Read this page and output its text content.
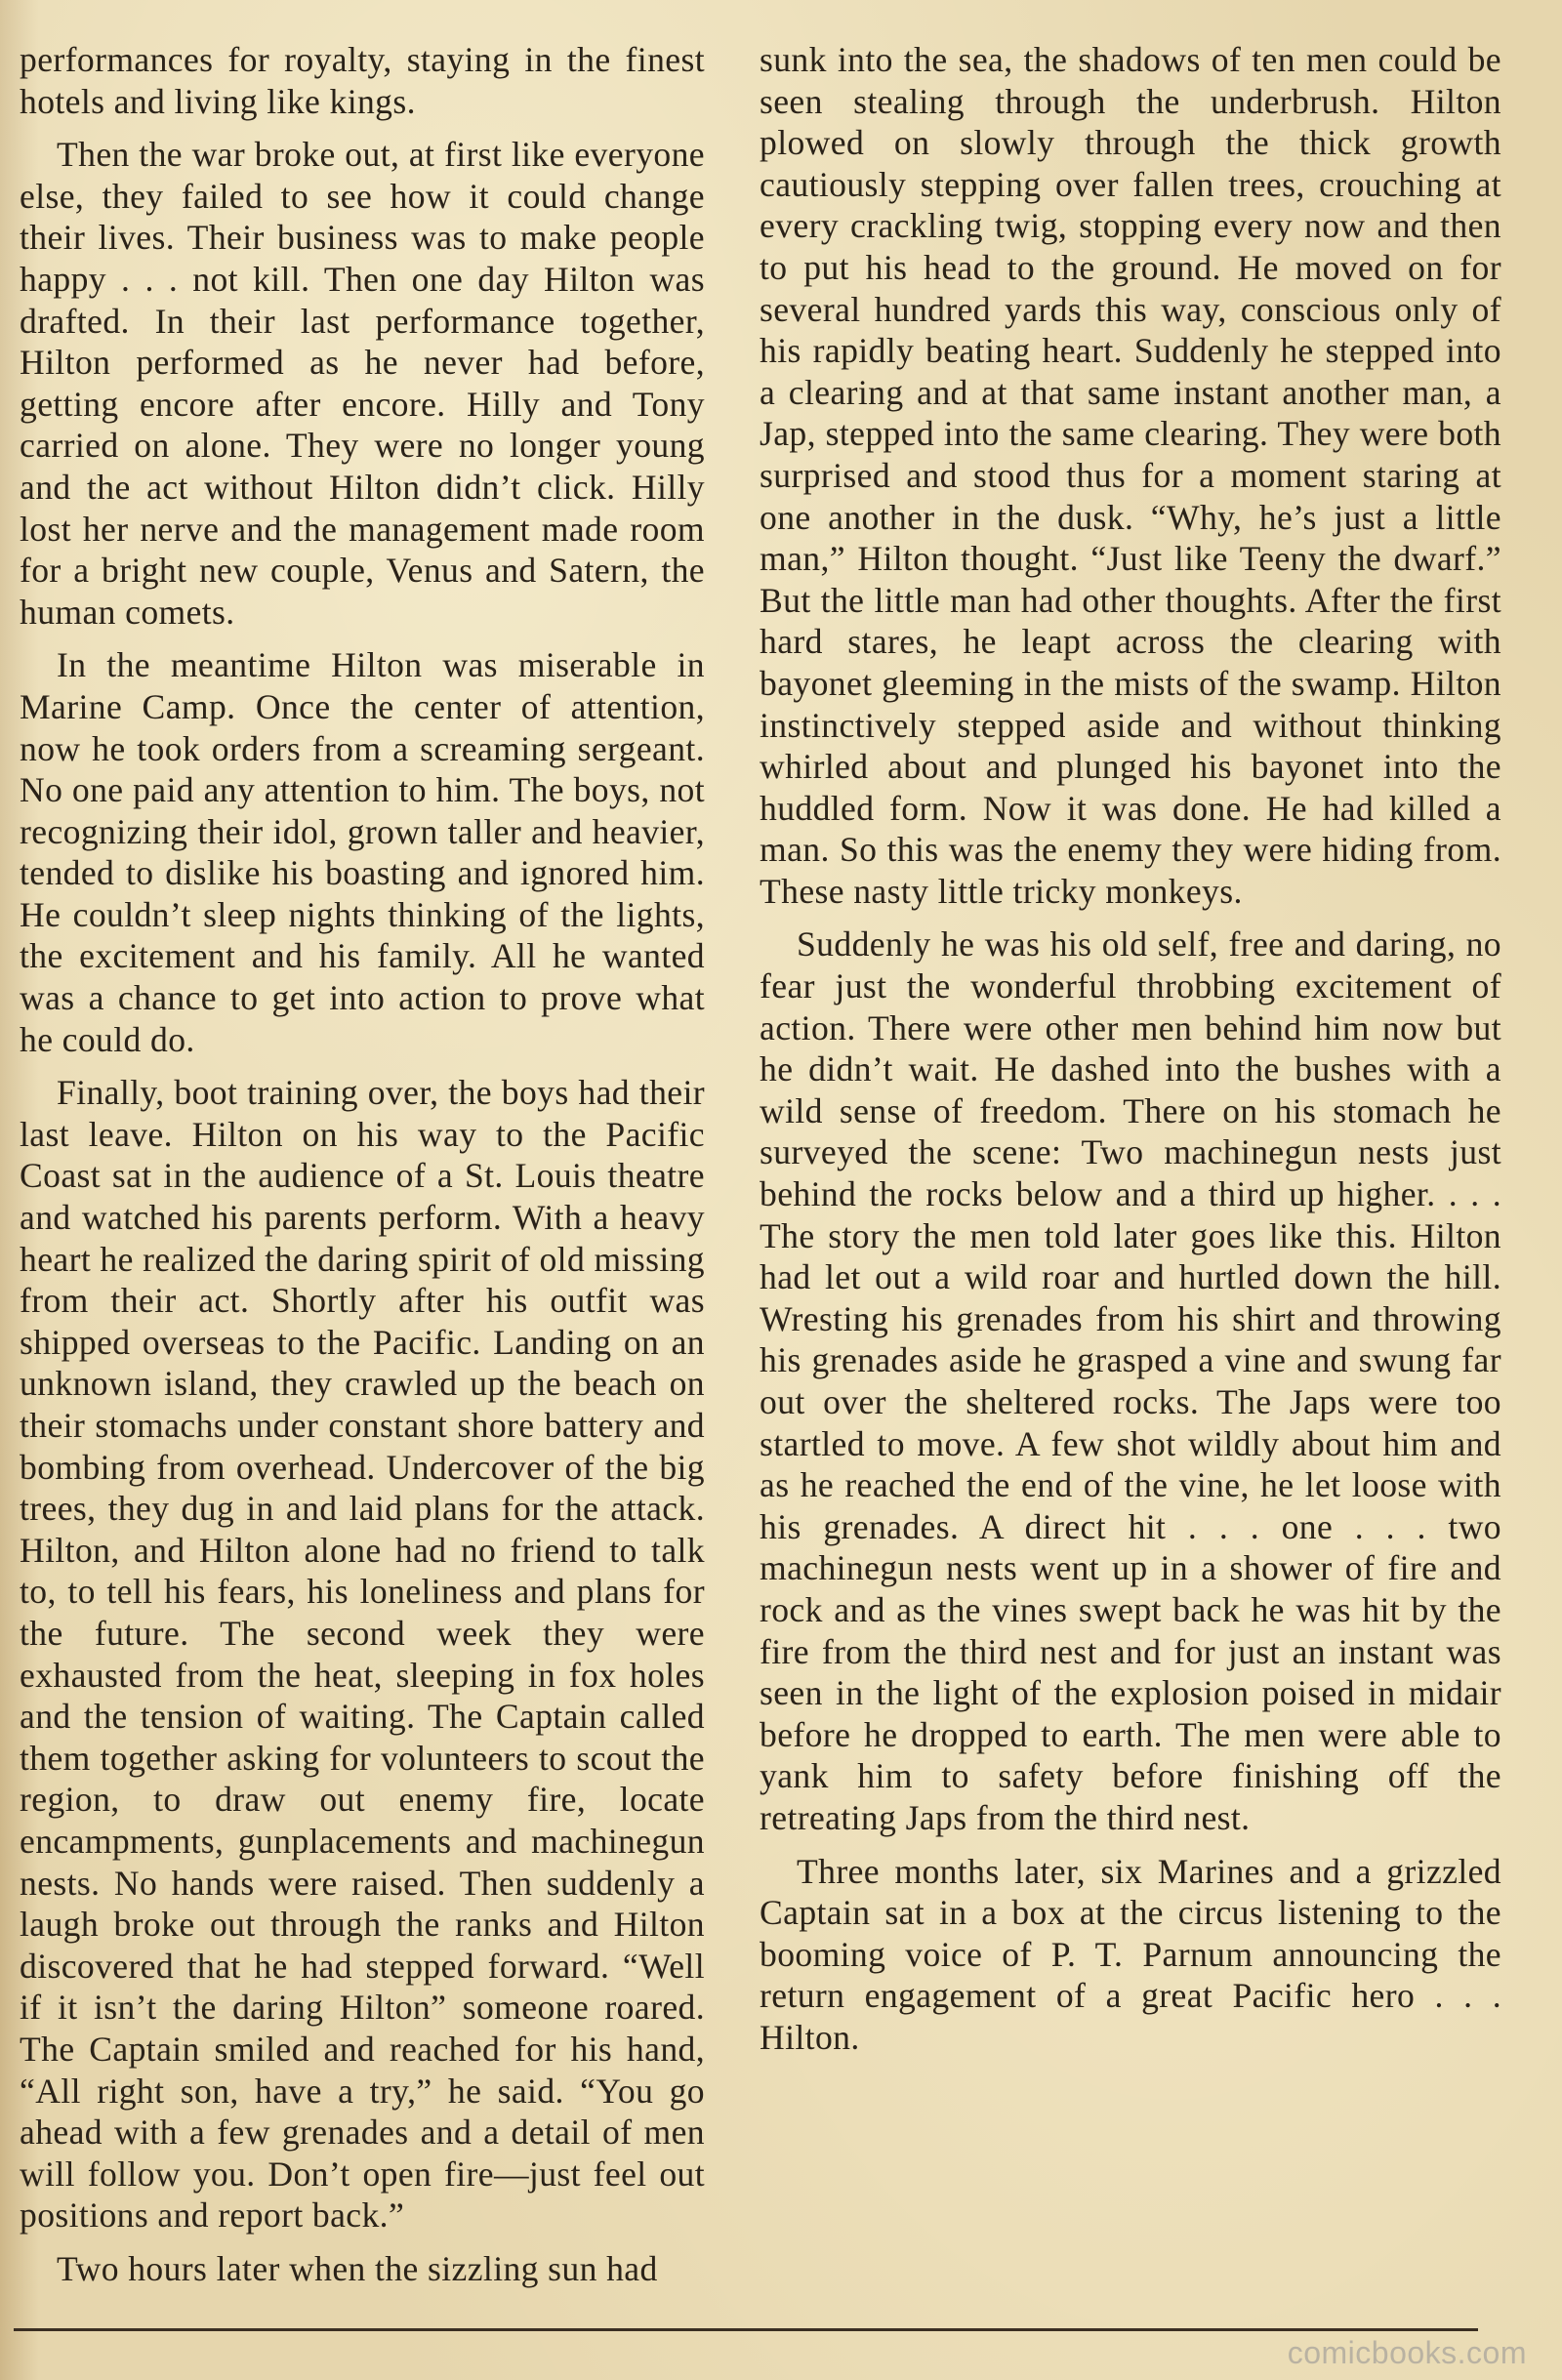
performances for royalty, staying in the finest hotels and living like kings.

Then the war broke out, at first like everyone else, they failed to see how it could change their lives. Their business was to make people happy . . . not kill. Then one day Hilton was drafted. In their last performance together, Hilton performed as he never had before, getting encore after encore. Hilly and Tony carried on alone. They were no longer young and the act without Hilton didn’t click. Hilly lost her nerve and the management made room for a bright new couple, Venus and Satern, the human comets.

In the meantime Hilton was miserable in Marine Camp. Once the center of attention, now he took orders from a screaming sergeant. No one paid any attention to him. The boys, not recognizing their idol, grown taller and heavier, tended to dislike his boasting and ignored him. He couldn’t sleep nights thinking of the lights, the excitement and his family. All he wanted was a chance to get into action to prove what he could do.

Finally, boot training over, the boys had their last leave. Hilton on his way to the Pacific Coast sat in the audience of a St. Louis theatre and watched his parents perform. With a heavy heart he realized the daring spirit of old missing from their act. Shortly after his outfit was shipped overseas to the Pacific. Landing on an unknown island, they crawled up the beach on their stomachs under constant shore battery and bombing from overhead. Undercover of the big trees, they dug in and laid plans for the attack. Hilton, and Hilton alone had no friend to talk to, to tell his fears, his loneliness and plans for the future. The second week they were exhausted from the heat, sleeping in fox holes and the tension of waiting. The Captain called them together asking for volunteers to scout the region, to draw out enemy fire, locate encampments, gunplacements and machinegun nests. No hands were raised. Then suddenly a laugh broke out through the ranks and Hilton discovered that he had stepped forward. “Well if it isn’t the daring Hilton” someone roared. The Captain smiled and reached for his hand, “All right son, have a try,” he said. “You go ahead with a few grenades and a detail of men will follow you. Don’t open fire—just feel out positions and report back.”

Two hours later when the sizzling sun had

sunk into the sea, the shadows of ten men could be seen stealing through the underbrush. Hilton plowed on slowly through the thick growth cautiously stepping over fallen trees, crouching at every crackling twig, stopping every now and then to put his head to the ground. He moved on for several hundred yards this way, conscious only of his rapidly beating heart. Suddenly he stepped into a clearing and at that same instant another man, a Jap, stepped into the same clearing. They were both surprised and stood thus for a moment staring at one another in the dusk. “Why, he’s just a little man,” Hilton thought. “Just like Teeny the dwarf.” But the little man had other thoughts. After the first hard stares, he leapt across the clearing with bayonet gleeming in the mists of the swamp. Hilton instinctively stepped aside and without thinking whirled about and plunged his bayonet into the huddled form. Now it was done. He had killed a man. So this was the enemy they were hiding from. These nasty little tricky monkeys.

Suddenly he was his old self, free and daring, no fear just the wonderful throbbing excitement of action. There were other men behind him now but he didn’t wait. He dashed into the bushes with a wild sense of freedom. There on his stomach he surveyed the scene: Two machinegun nests just behind the rocks below and a third up higher. . . . The story the men told later goes like this. Hilton had let out a wild roar and hurtled down the hill. Wresting his grenades from his shirt and throwing his grenades aside he grasped a vine and swung far out over the sheltered rocks. The Japs were too startled to move. A few shot wildly about him and as he reached the end of the vine, he let loose with his grenades. A direct hit . . . one . . . two machinegun nests went up in a shower of fire and rock and as the vines swept back he was hit by the fire from the third nest and for just an instant was seen in the light of the explosion poised in midair before he dropped to earth. The men were able to yank him to safety before finishing off the retreating Japs from the third nest.

Three months later, six Marines and a grizzled Captain sat in a box at the circus listening to the booming voice of P. T. Parnum announcing the return engagement of a great Pacific hero . . . Hilton.

comicbooks.com
